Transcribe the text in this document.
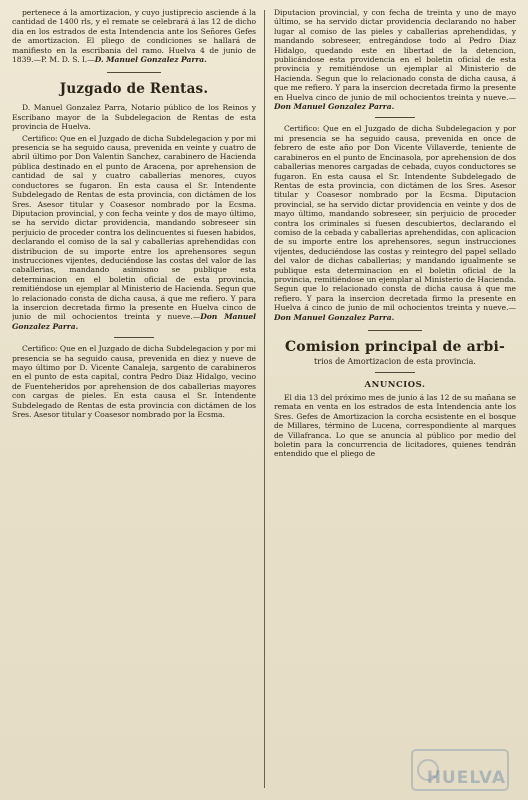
pertenece á la amortizacion, y cuyo justiprecio asciende á la cantidad de 1400 rls, y el remate se celebrará á las 12 de dicho dia en los estrados de esta Intendencia ante los Señores Gefes de amortizacion. El pliego de condiciones se hallará de manifiesto en la escribania del ramo. Huelva 4 de junio de 1839.—P. M. D. S. I.—D. Manuel Gonzalez Parra.

Juzgado de Rentas.

D. Manuel Gonzalez Parra, Notario público de los Reinos y Escribano mayor de la Subdelegacion de Rentas de esta provincia de Huelva.

Certifico: Que en el Juzgado de dicha Subdelegacion y por mi presencia se ha seguido causa, prevenida en veinte y cuatro de abril último por Don Valentin Sanchez, carabinero de Hacienda pública destinado en el punto de Aracena, por aprehension de cantidad de sal y cuatro caballerias menores, cuyos conductores se fugaron. En esta causa el Sr. Intendente Subdelegado de Rentas de esta provincia, con dictámen de los Sres. Asesor titular y Coasesor nombrado por la Ecsma. Diputacion provincial, y con fecha veinte y dos de mayo último, se ha servido dictar providencia, mandando sobreseer sin perjuicio de proceder contra los delincuentes si fuesen habidos, declarando el comiso de la sal y caballerias aprehendidas con distribucion de su importe entre los aprehensores segun instrucciones vijentes, deduciéndose las costas del valor de las caballerias, mandando asimismo se publique esta determinacion en el boletin oficial de esta provincia, remitiéndose un ejemplar al Ministerio de Hacienda. Segun que lo relacionado consta de dicha causa, á que me refiero. Y para la insercion decretada firmo la presente en Huelva cinco de junio de mil ochocientos treinta y nueve.—Don Manuel Gonzalez Parra.

Certifico: Que en el Juzgado de dicha Subdelegacion y por mi presencia se ha seguido causa, prevenida en diez y nueve de mayo último por D. Vicente Canaleja, sargento de carabineros en el punto de esta capital, contra Pedro Diaz Hidalgo, vecino de Fuenteheridos por aprehension de dos caballerias mayores con cargas de pieles. En esta causa el Sr. Intendente Subdelegado de Rentas de esta provincia con dictámen de los Sres. Asesor titular y Coasesor nombrado por la Ecsma.

Diputacion provincial, y con fecha de treinta y uno de mayo último, se ha servido dictar providencia declarando no haber lugar al comiso de las pieles y caballerias aprehendidas, y mandando sobreseer, entregándose todo al Pedro Diaz Hidalgo, quedando este en libertad de la detencion, publicándose esta providencia en el boletin oficial de esta provincia y remitiéndose un ejemplar al Ministerio de Hacienda. Segun que lo relacionado consta de dicha causa, á que me refiero. Y para la insercion decretada firmo la presente en Huelva cinco de junio de mil ochocientos treinta y nueve.—Don Manuel Gonzalez Parra.

Certifico: Que en el Juzgado de dicha Subdelegacion y por mi presencia se ha seguido causa, prevenida en once de febrero de este año por Don Vicente Villaverde, teniente de carabineros en el punto de Encinasola, por aprehension de dos caballerias menores cargadas de cebada, cuyos conductores se fugaron. En esta causa el Sr. Intendente Subdelegado de Rentas de esta provincia, con dictámen de los Sres. Asesor titular y Coasesor nombrado por la Ecsma. Diputacion provincial, se ha servido dictar providencia en veinte y dos de mayo último, mandando sobreseer, sin perjuicio de proceder contra los criminales si fuesen descubiertos, declarando el comiso de la cebada y caballerias aprehendidas, con aplicacion de su importe entre los aprehensores, segun instrucciones vijentes, deduciéndose las costas y reintegro del papel sellado del valor de dichas caballerias; y mandando igualmente se publique esta determinacion en el boletin oficial de la provincia, remitiéndose un ejemplar al Ministerio de Hacienda. Segun que lo relacionado consta de dicha causa á que me refiero. Y para la insercion decretada firmo la presente en Huelva á cinco de junio de mil ochocientos treinta y nueve.—Don Manuel Gonzalez Parra.

Comision principal de arbi-
trios de Amortizacion de esta provincia.
ANUNCIOS.

El dia 13 del próximo mes de junio á las 12 de su mañana se remata en venta en los estrados de esta Intendencia ante los Sres. Gefes de Amortizacion la corcha ecsistente en el bosque de Millares, término de Lucena, correspondiente al marques de Villafranca. Lo que se anuncia al público por medio del boletin para la concurrencia de licitadores, quienes tendrán entendido que el pliego de

HUELVA
